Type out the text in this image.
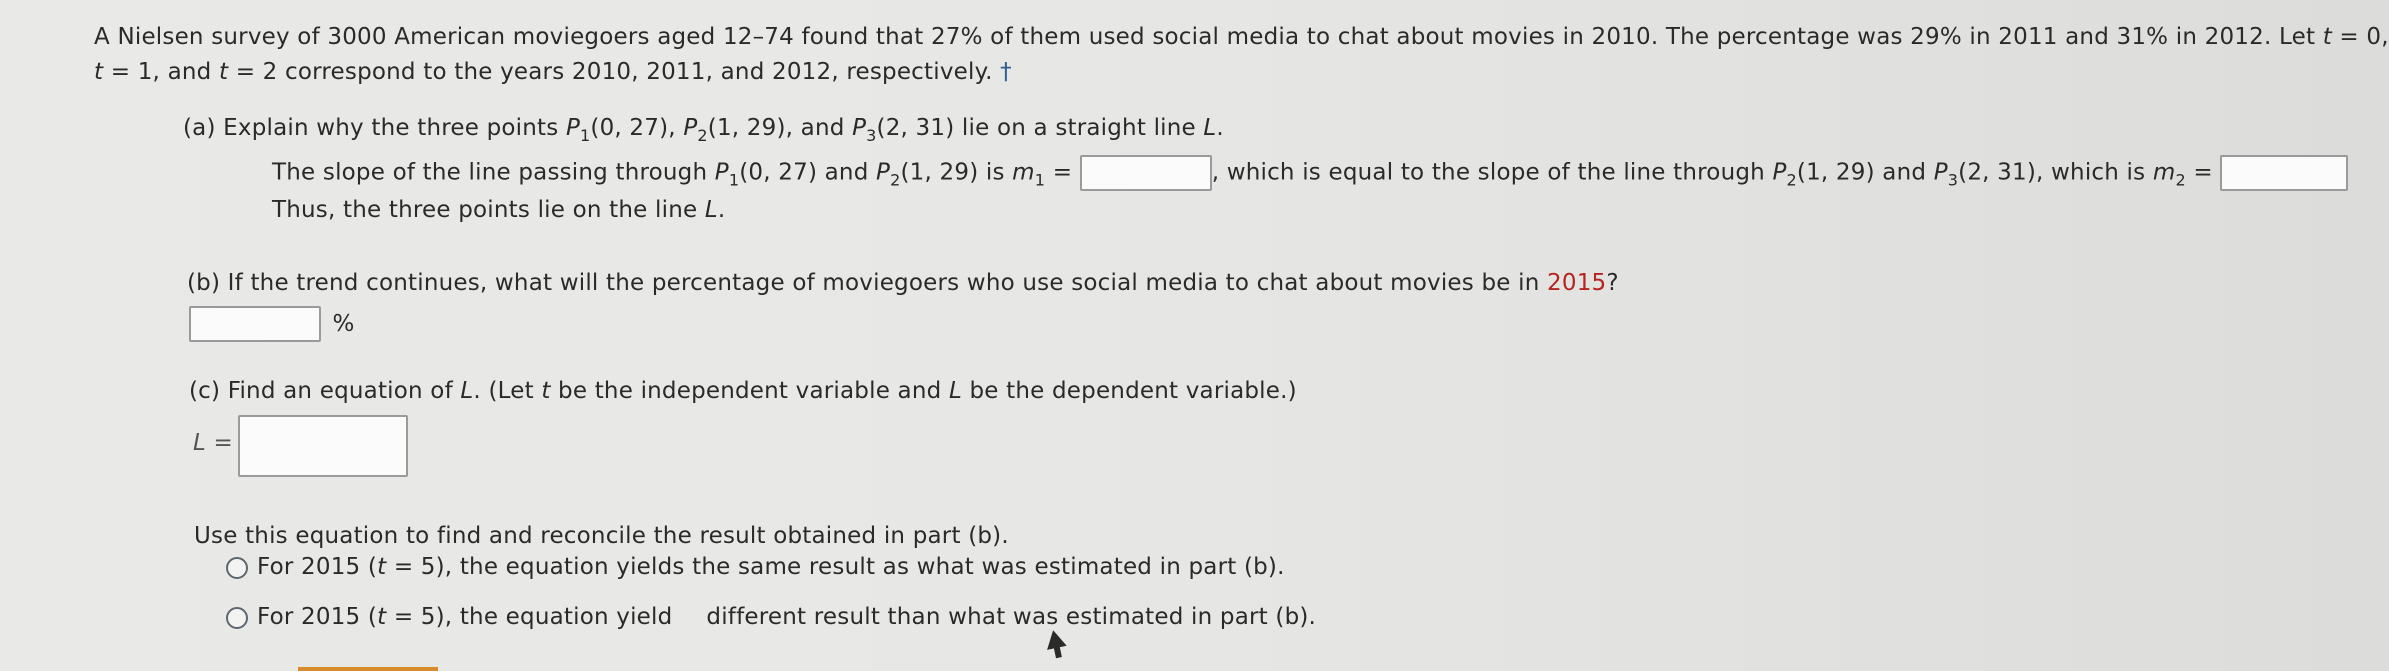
A Nielsen survey of 3000 American moviegoers aged 12–74 found that 27% of them used social media to chat about movies in 2010. The percentage was 29% in 2011 and 31% in 2012. Let t = 0,
t = 1, and t = 2 correspond to the years 2010, 2011, and 2012, respectively. †
(a) Explain why the three points $P_1(0$, 27), $P_2(1$, 29), and $P_3(2$, 31) lie on a straight line L.
The slope of the line passing through $P_1(0$, 27) and $P_2(1$, 29) is $m_1$ =	, which is equal to the slope of the line through $P_2(1$, 29) and $P_3(2$, 31), which is $m_2$ =
Thus, the three points lie on the line L.
(b) If the trend continues, what will the percentage of moviegoers who use social media to chat about movies be in 2015?
%
(c) Find an equation of L. (Let t be the independent variable and L be the dependent variable.)
L =
Use this equation to find and reconcile the result obtained in part (b).
For 2015 (t = 5), the equation yields the same result as what was estimated in part (b).
For 2015 (t = 5), the equation yield different result than what was estimated in part (b).
